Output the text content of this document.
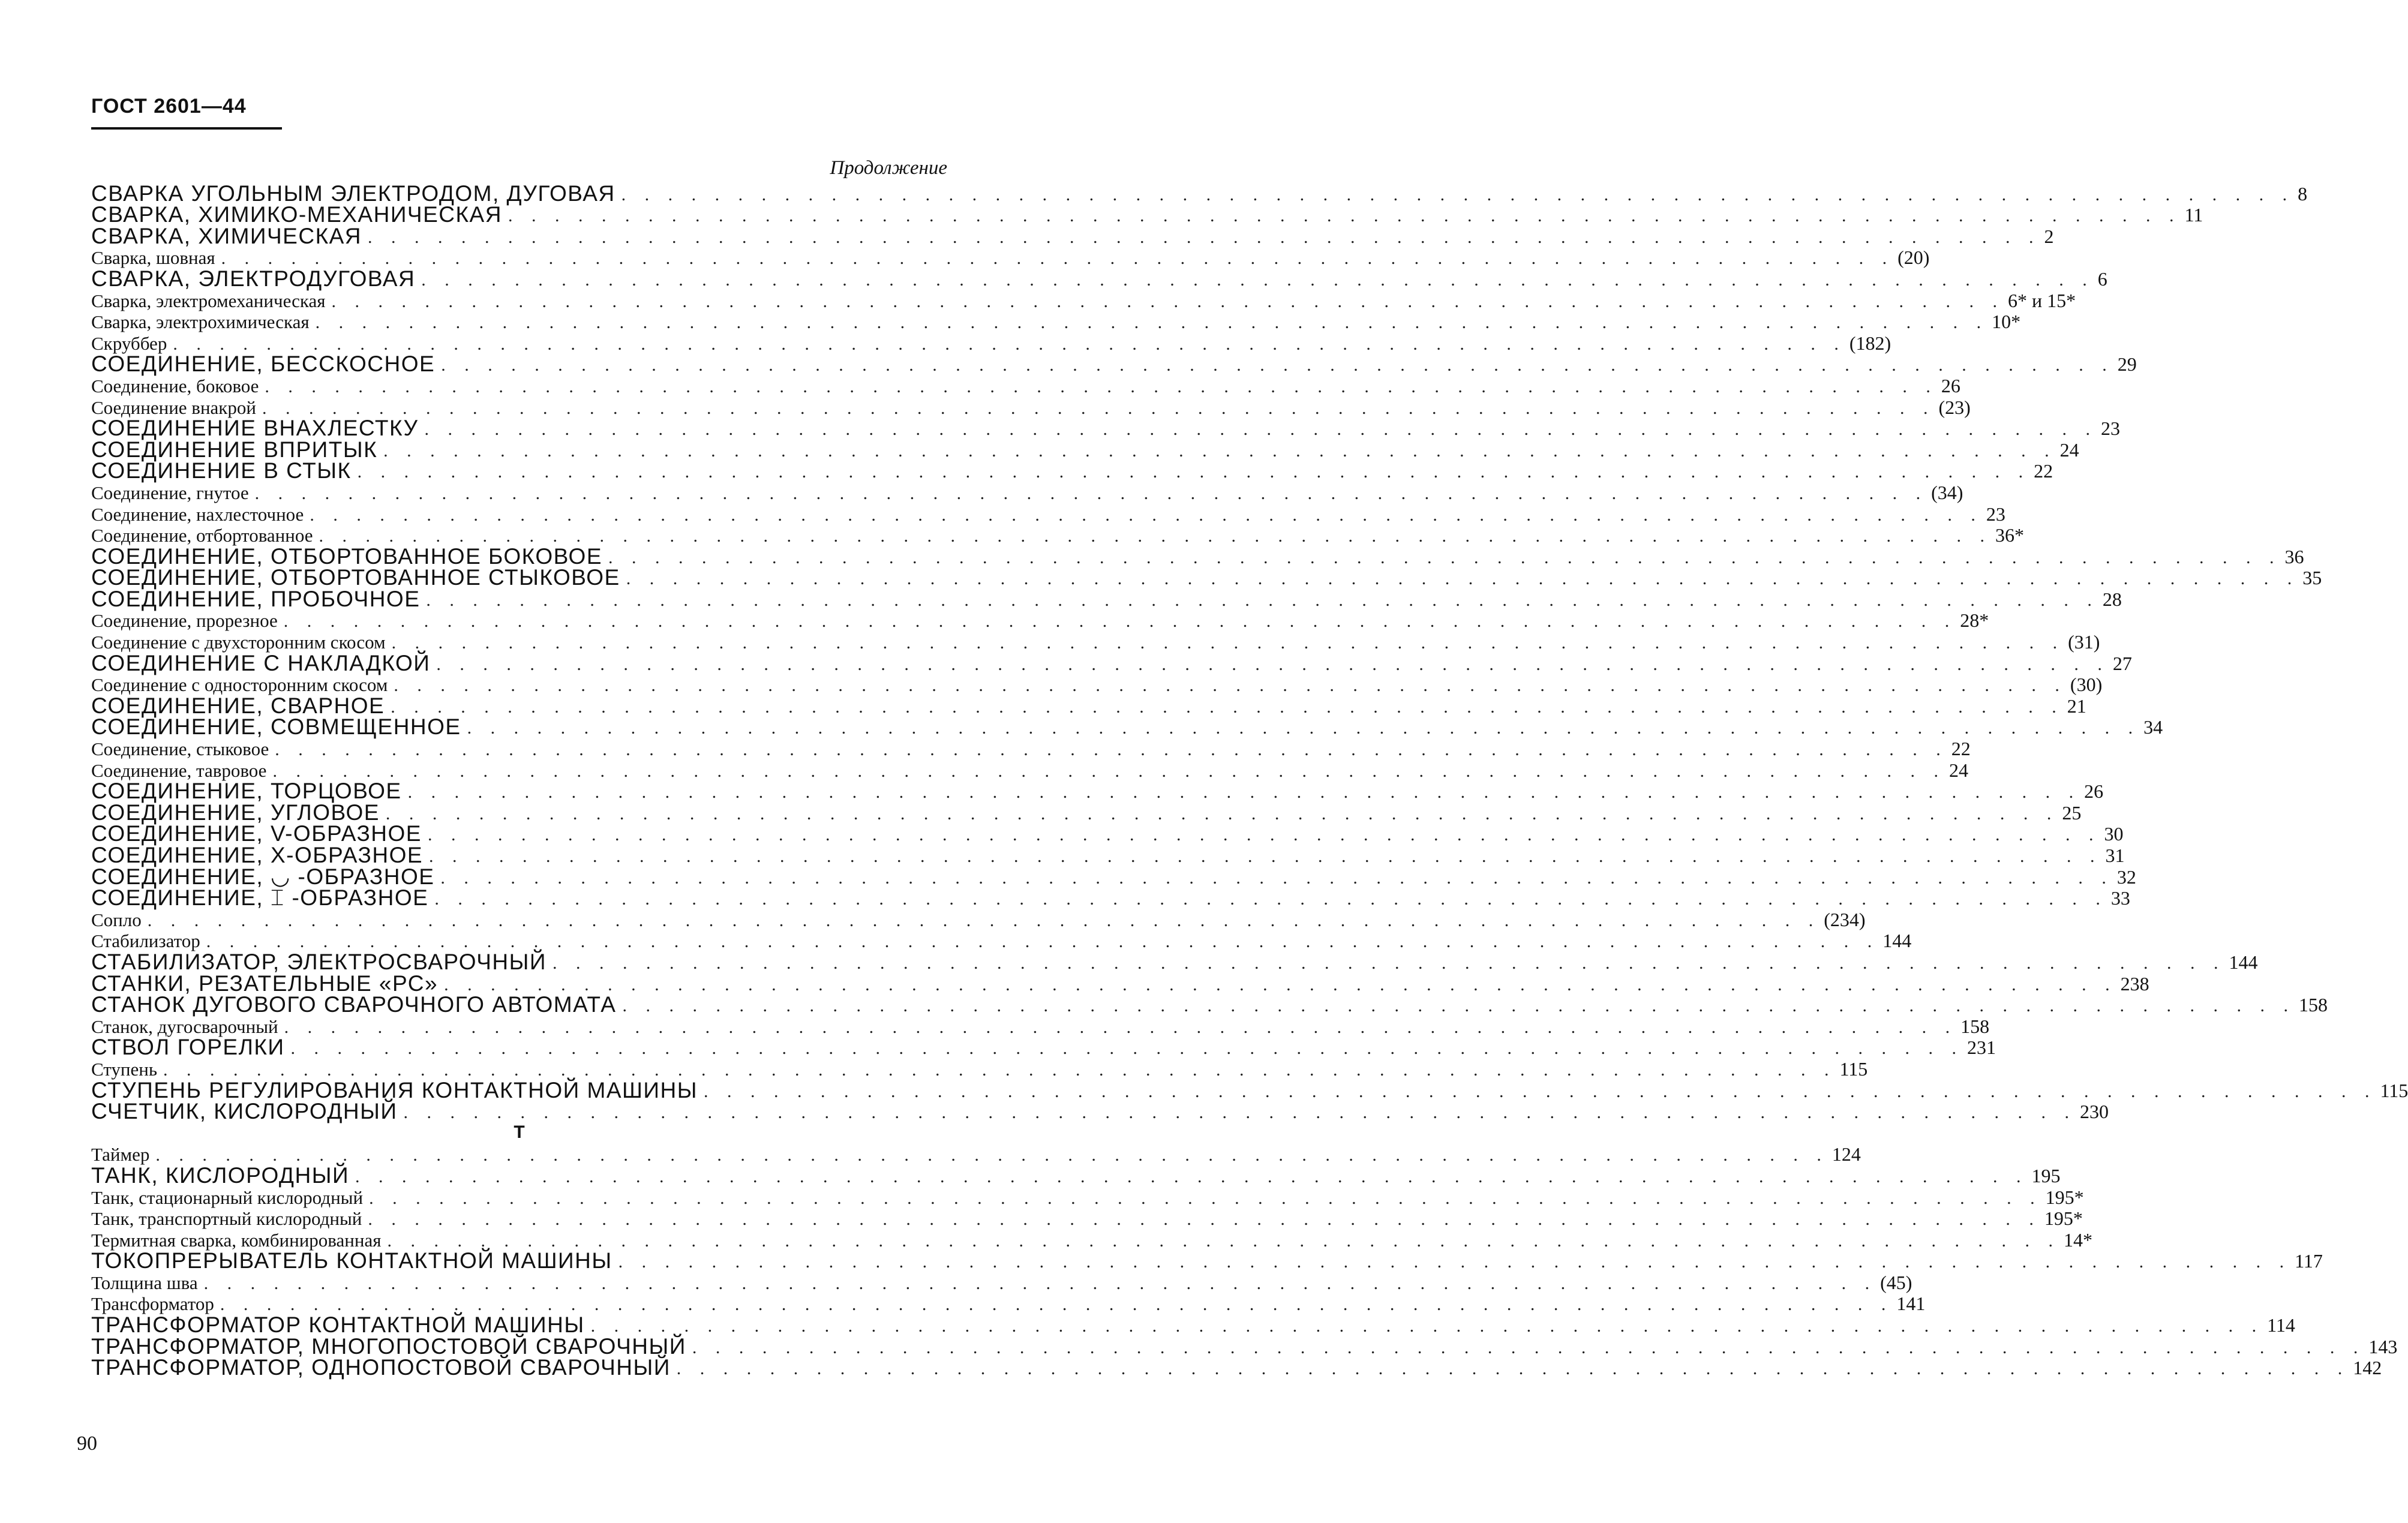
ГОСТ 2601—44
Продолжение
СВАРКА УГОЛЬНЫМ ЭЛЕКТРОДОМ, ДУГОВАЯ . . . . . . . . . . . . . . . . . . . . . . . . . . . . . . . . . . . . . . . . . . . . . . . . . . . . . . . . . . . . . . . . . . . . . . . . 8
СВАРКА, ХИМИКО-МЕХАНИЧЕСКАЯ . . . . . . . . . . . . . . . . . . . . . . . . . . . . . . . . . . . . . . . . . . . . . . . . . . . . . . . . . . . . . . . . . . . . . . . . 11
СВАРКА, ХИМИЧЕСКАЯ . . . . . . . . . . . . . . . . . . . . . . . . . . . . . . . . . . . . . . . . . . . . . . . . . . . . . . . . . . . . . . . . . . . . . . . . 2
Сварка, шовная . . . . . . . . . . . . . . . . . . . . . . . . . . . . . . . . . . . . . . . . . . . . . . . . . . . . . . . . . . . . . . . . . . . . . . . . (20)
СВАРКА, ЭЛЕКТРОДУГОВАЯ . . . . . . . . . . . . . . . . . . . . . . . . . . . . . . . . . . . . . . . . . . . . . . . . . . . . . . . . . . . . . . . . . . . . . . . . 6
Сварка, электромеханическая . . . . . . . . . . . . . . . . . . . . . . . . . . . . . . . . . . . . . . . . . . . . . . . . . . . . . . . . . . . . . . . . . . . . . . . . 6* и 15*
Сварка, электрохимическая . . . . . . . . . . . . . . . . . . . . . . . . . . . . . . . . . . . . . . . . . . . . . . . . . . . . . . . . . . . . . . . . . . . . . . . . 10*
Скруббер . . . . . . . . . . . . . . . . . . . . . . . . . . . . . . . . . . . . . . . . . . . . . . . . . . . . . . . . . . . . . . . . . . . . . . . . (182)
СОЕДИНЕНИЕ, БЕССКОСНОЕ . . . . . . . . . . . . . . . . . . . . . . . . . . . . . . . . . . . . . . . . . . . . . . . . . . . . . . . . . . . . . . . . . . . . . . . . 29
Соединение, боковое . . . . . . . . . . . . . . . . . . . . . . . . . . . . . . . . . . . . . . . . . . . . . . . . . . . . . . . . . . . . . . . . . . . . . . . . 26
Соединение внакрой . . . . . . . . . . . . . . . . . . . . . . . . . . . . . . . . . . . . . . . . . . . . . . . . . . . . . . . . . . . . . . . . . . . . . . . . (23)
СОЕДИНЕНИЕ ВНАХЛЕСТКУ . . . . . . . . . . . . . . . . . . . . . . . . . . . . . . . . . . . . . . . . . . . . . . . . . . . . . . . . . . . . . . . . . . . . . . . . 23
СОЕДИНЕНИЕ ВПРИТЫК . . . . . . . . . . . . . . . . . . . . . . . . . . . . . . . . . . . . . . . . . . . . . . . . . . . . . . . . . . . . . . . . . . . . . . . . 24
СОЕДИНЕНИЕ В СТЫК . . . . . . . . . . . . . . . . . . . . . . . . . . . . . . . . . . . . . . . . . . . . . . . . . . . . . . . . . . . . . . . . . . . . . . . . 22
Соединение, гнутое . . . . . . . . . . . . . . . . . . . . . . . . . . . . . . . . . . . . . . . . . . . . . . . . . . . . . . . . . . . . . . . . . . . . . . . . (34)
Соединение, нахлесточное . . . . . . . . . . . . . . . . . . . . . . . . . . . . . . . . . . . . . . . . . . . . . . . . . . . . . . . . . . . . . . . . . . . . . . . . 23
Соединение, отбортованное . . . . . . . . . . . . . . . . . . . . . . . . . . . . . . . . . . . . . . . . . . . . . . . . . . . . . . . . . . . . . . . . . . . . . . . . 36*
СОЕДИНЕНИЕ, ОТБОРТОВАННОЕ БОКОВОЕ . . . . . . . . . . . . . . . . . . . . . . . . . . . . . . . . . . . . . . . . . . . . . . . . . . . . . . . . . . . . . . . . . . . . . . . . 36
СОЕДИНЕНИЕ, ОТБОРТОВАННОЕ СТЫКОВОЕ . . . . . . . . . . . . . . . . . . . . . . . . . . . . . . . . . . . . . . . . . . . . . . . . . . . . . . . . . . . . . . . . . . . . . . . . 35
СОЕДИНЕНИЕ, ПРОБОЧНОЕ . . . . . . . . . . . . . . . . . . . . . . . . . . . . . . . . . . . . . . . . . . . . . . . . . . . . . . . . . . . . . . . . . . . . . . . . 28
Соединение, прорезное . . . . . . . . . . . . . . . . . . . . . . . . . . . . . . . . . . . . . . . . . . . . . . . . . . . . . . . . . . . . . . . . . . . . . . . . 28*
Соединение с двухсторонним скосом . . . . . . . . . . . . . . . . . . . . . . . . . . . . . . . . . . . . . . . . . . . . . . . . . . . . . . . . . . . . . . . . . . . . . . . . (31)
СОЕДИНЕНИЕ С НАКЛАДКОЙ . . . . . . . . . . . . . . . . . . . . . . . . . . . . . . . . . . . . . . . . . . . . . . . . . . . . . . . . . . . . . . . . . . . . . . . . 27
Соединение с односторонним скосом . . . . . . . . . . . . . . . . . . . . . . . . . . . . . . . . . . . . . . . . . . . . . . . . . . . . . . . . . . . . . . . . . . . . . . . . (30)
СОЕДИНЕНИЕ, СВАРНОЕ . . . . . . . . . . . . . . . . . . . . . . . . . . . . . . . . . . . . . . . . . . . . . . . . . . . . . . . . . . . . . . . . . . . . . . . . 21
СОЕДИНЕНИЕ, СОВМЕЩЕННОЕ . . . . . . . . . . . . . . . . . . . . . . . . . . . . . . . . . . . . . . . . . . . . . . . . . . . . . . . . . . . . . . . . . . . . . . . . 34
Соединение, стыковое . . . . . . . . . . . . . . . . . . . . . . . . . . . . . . . . . . . . . . . . . . . . . . . . . . . . . . . . . . . . . . . . . . . . . . . . 22
Соединение, тавровое . . . . . . . . . . . . . . . . . . . . . . . . . . . . . . . . . . . . . . . . . . . . . . . . . . . . . . . . . . . . . . . . . . . . . . . . 24
СОЕДИНЕНИЕ, ТОРЦОВОЕ . . . . . . . . . . . . . . . . . . . . . . . . . . . . . . . . . . . . . . . . . . . . . . . . . . . . . . . . . . . . . . . . . . . . . . . . 26
СОЕДИНЕНИЕ, УГЛОВОЕ . . . . . . . . . . . . . . . . . . . . . . . . . . . . . . . . . . . . . . . . . . . . . . . . . . . . . . . . . . . . . . . . . . . . . . . . 25
СОЕДИНЕНИЕ, V-ОБРАЗНОЕ . . . . . . . . . . . . . . . . . . . . . . . . . . . . . . . . . . . . . . . . . . . . . . . . . . . . . . . . . . . . . . . . . . . . . . . . 30
СОЕДИНЕНИЕ, Х-ОБРАЗНОЕ . . . . . . . . . . . . . . . . . . . . . . . . . . . . . . . . . . . . . . . . . . . . . . . . . . . . . . . . . . . . . . . . . . . . . . . . 31
СОЕДИНЕНИЕ, ◡ -ОБРАЗНОЕ . . . . . . . . . . . . . . . . . . . . . . . . . . . . . . . . . . . . . . . . . . . . . . . . . . . . . . . . . . . . . . . . . . . . . . . . 32
СОЕДИНЕНИЕ, ⌶ -ОБРАЗНОЕ . . . . . . . . . . . . . . . . . . . . . . . . . . . . . . . . . . . . . . . . . . . . . . . . . . . . . . . . . . . . . . . . . . . . . . . . 33
Сопло . . . . . . . . . . . . . . . . . . . . . . . . . . . . . . . . . . . . . . . . . . . . . . . . . . . . . . . . . . . . . . . . . . . . . . . . (234)
Стабилизатор . . . . . . . . . . . . . . . . . . . . . . . . . . . . . . . . . . . . . . . . . . . . . . . . . . . . . . . . . . . . . . . . . . . . . . . . 144
СТАБИЛИЗАТОР, ЭЛЕКТРОСВАРОЧНЫЙ . . . . . . . . . . . . . . . . . . . . . . . . . . . . . . . . . . . . . . . . . . . . . . . . . . . . . . . . . . . . . . . . . . . . . . . . 144
СТАНКИ, РЕЗАТЕЛЬНЫЕ «РС» . . . . . . . . . . . . . . . . . . . . . . . . . . . . . . . . . . . . . . . . . . . . . . . . . . . . . . . . . . . . . . . . . . . . . . . . 238
СТАНОК ДУГОВОГО СВАРОЧНОГО АВТОМАТА . . . . . . . . . . . . . . . . . . . . . . . . . . . . . . . . . . . . . . . . . . . . . . . . . . . . . . . . . . . . . . . . . . . . . . . . 158
Станок, дугосварочный . . . . . . . . . . . . . . . . . . . . . . . . . . . . . . . . . . . . . . . . . . . . . . . . . . . . . . . . . . . . . . . . . . . . . . . . 158
СТВОЛ ГОРЕЛКИ . . . . . . . . . . . . . . . . . . . . . . . . . . . . . . . . . . . . . . . . . . . . . . . . . . . . . . . . . . . . . . . . . . . . . . . . 231
Ступень . . . . . . . . . . . . . . . . . . . . . . . . . . . . . . . . . . . . . . . . . . . . . . . . . . . . . . . . . . . . . . . . . . . . . . . . 115
СТУПЕНЬ РЕГУЛИРОВАНИЯ КОНТАКТНОЙ МАШИНЫ . . . . . . . . . . . . . . . . . . . . . . . . . . . . . . . . . . . . . . . . . . . . . . . . . . . . . . . . . . . . . . . . . . . . . . . . 115
СЧЕТЧИК, КИСЛОРОДНЫЙ . . . . . . . . . . . . . . . . . . . . . . . . . . . . . . . . . . . . . . . . . . . . . . . . . . . . . . . . . . . . . . . . . . . . . . . . 230
Т
Таймер . . . . . . . . . . . . . . . . . . . . . . . . . . . . . . . . . . . . . . . . . . . . . . . . . . . . . . . . . . . . . . . . . . . . . . . . 124
ТАНК, КИСЛОРОДНЫЙ . . . . . . . . . . . . . . . . . . . . . . . . . . . . . . . . . . . . . . . . . . . . . . . . . . . . . . . . . . . . . . . . . . . . . . . . 195
Танк, стационарный кислородный . . . . . . . . . . . . . . . . . . . . . . . . . . . . . . . . . . . . . . . . . . . . . . . . . . . . . . . . . . . . . . . . . . . . . . . . 195*
Танк, транспортный кислородный . . . . . . . . . . . . . . . . . . . . . . . . . . . . . . . . . . . . . . . . . . . . . . . . . . . . . . . . . . . . . . . . . . . . . . . . 195*
Термитная сварка, комбинированная . . . . . . . . . . . . . . . . . . . . . . . . . . . . . . . . . . . . . . . . . . . . . . . . . . . . . . . . . . . . . . . . . . . . . . . . 14*
ТОКОПРЕРЫВАТЕЛЬ КОНТАКТНОЙ МАШИНЫ . . . . . . . . . . . . . . . . . . . . . . . . . . . . . . . . . . . . . . . . . . . . . . . . . . . . . . . . . . . . . . . . . . . . . . . . 117
Толщина шва . . . . . . . . . . . . . . . . . . . . . . . . . . . . . . . . . . . . . . . . . . . . . . . . . . . . . . . . . . . . . . . . . . . . . . . . (45)
Трансформатор . . . . . . . . . . . . . . . . . . . . . . . . . . . . . . . . . . . . . . . . . . . . . . . . . . . . . . . . . . . . . . . . . . . . . . . . 141
ТРАНСФОРМАТОР КОНТАКТНОЙ МАШИНЫ . . . . . . . . . . . . . . . . . . . . . . . . . . . . . . . . . . . . . . . . . . . . . . . . . . . . . . . . . . . . . . . . . . . . . . . . 114
ТРАНСФОРМАТОР, МНОГОПОСТОВОЙ СВАРОЧНЫЙ . . . . . . . . . . . . . . . . . . . . . . . . . . . . . . . . . . . . . . . . . . . . . . . . . . . . . . . . . . . . . . . . . . . . . . . . 143
ТРАНСФОРМАТОР, ОДНОПОСТОВОЙ СВАРОЧНЫЙ . . . . . . . . . . . . . . . . . . . . . . . . . . . . . . . . . . . . . . . . . . . . . . . . . . . . . . . . . . . . . . . . . . . . . . . . 142
90
